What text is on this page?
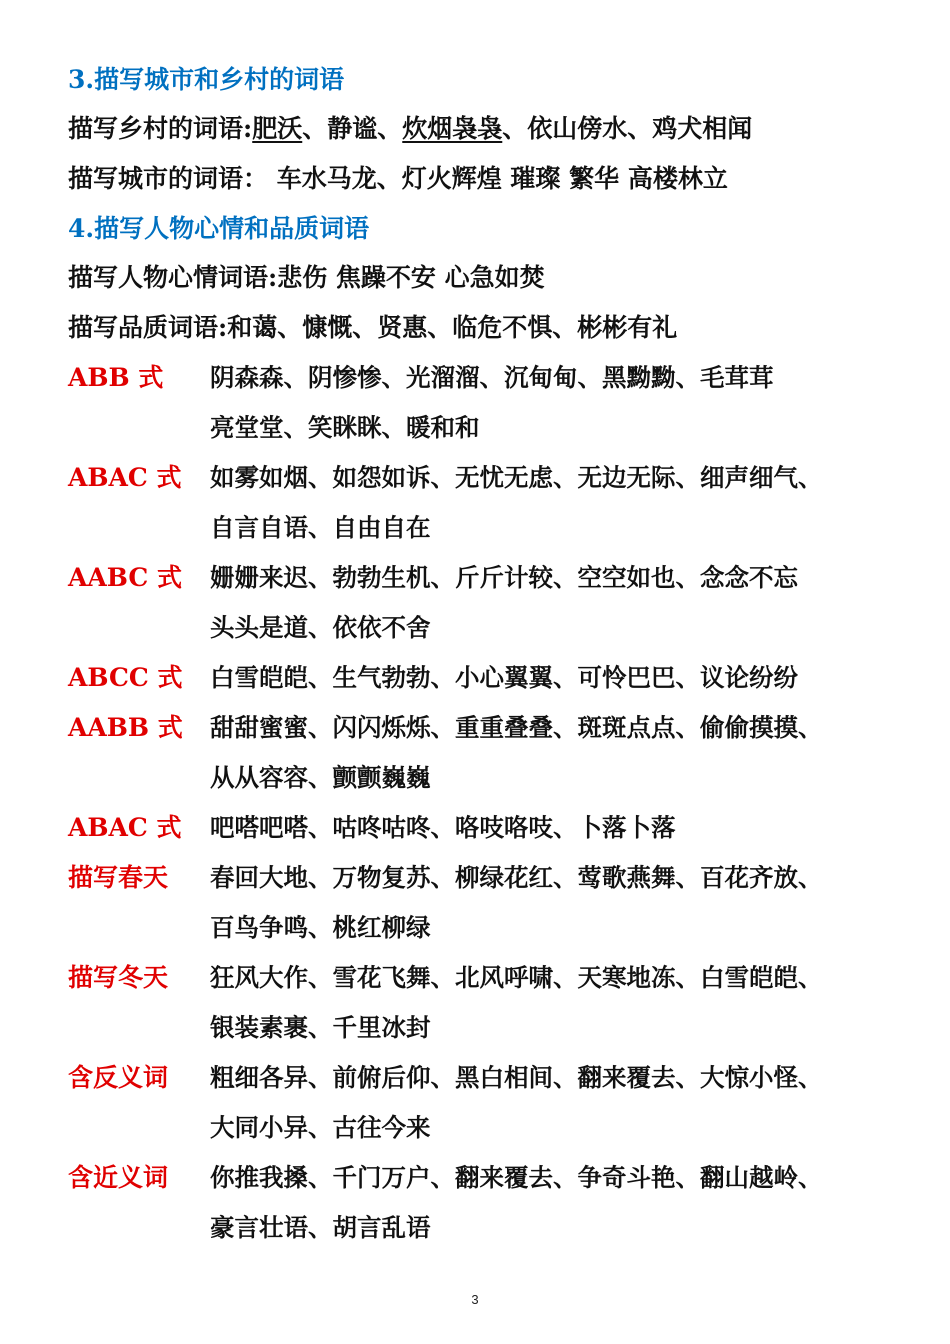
3.描写城市和乡村的词语
描写乡村的词语:肥沃、静谧、炊烟袅袅、依山傍水、鸡犬相闻
描写城市的词语： 车水马龙、灯火辉煌 璀璨 繁华 高楼林立
4.描写人物心情和品质词语
描写人物心情词语:悲伤 焦躁不安 心急如焚
描写品质词语:和蔼、慷慨、贤惠、临危不惧、彬彬有礼
ABB 式	阴森森、阴惨惨、光溜溜、沉甸甸、黑黝黝、毛茸茸
亮堂堂、笑眯眯、暖和和
ABAC 式	如雾如烟、如怨如诉、无忧无虑、无边无际、细声细气、
自言自语、自由自在
AABC 式	姗姗来迟、勃勃生机、斤斤计较、空空如也、念念不忘
头头是道、依依不舍
ABCC 式	白雪皑皑、生气勃勃、小心翼翼、可怜巴巴、议论纷纷
AABB 式	甜甜蜜蜜、闪闪烁烁、重重叠叠、斑斑点点、偷偷摸摸、
从从容容、颤颤巍巍
ABAC 式	吧嗒吧嗒、咕咚咕咚、咯吱咯吱、卜落卜落
描写春天	春回大地、万物复苏、柳绿花红、莺歌燕舞、百花齐放、
百鸟争鸣、桃红柳绿
描写冬天	狂风大作、雪花飞舞、北风呼啸、天寒地冻、白雪皑皑、
银装素裹、千里冰封
含反义词	粗细各异、前俯后仰、黑白相间、翻来覆去、大惊小怪、
大同小异、古往今来
含近义词	你推我搡、千门万户、翻来覆去、争奇斗艳、翻山越岭、
豪言壮语、胡言乱语
3
